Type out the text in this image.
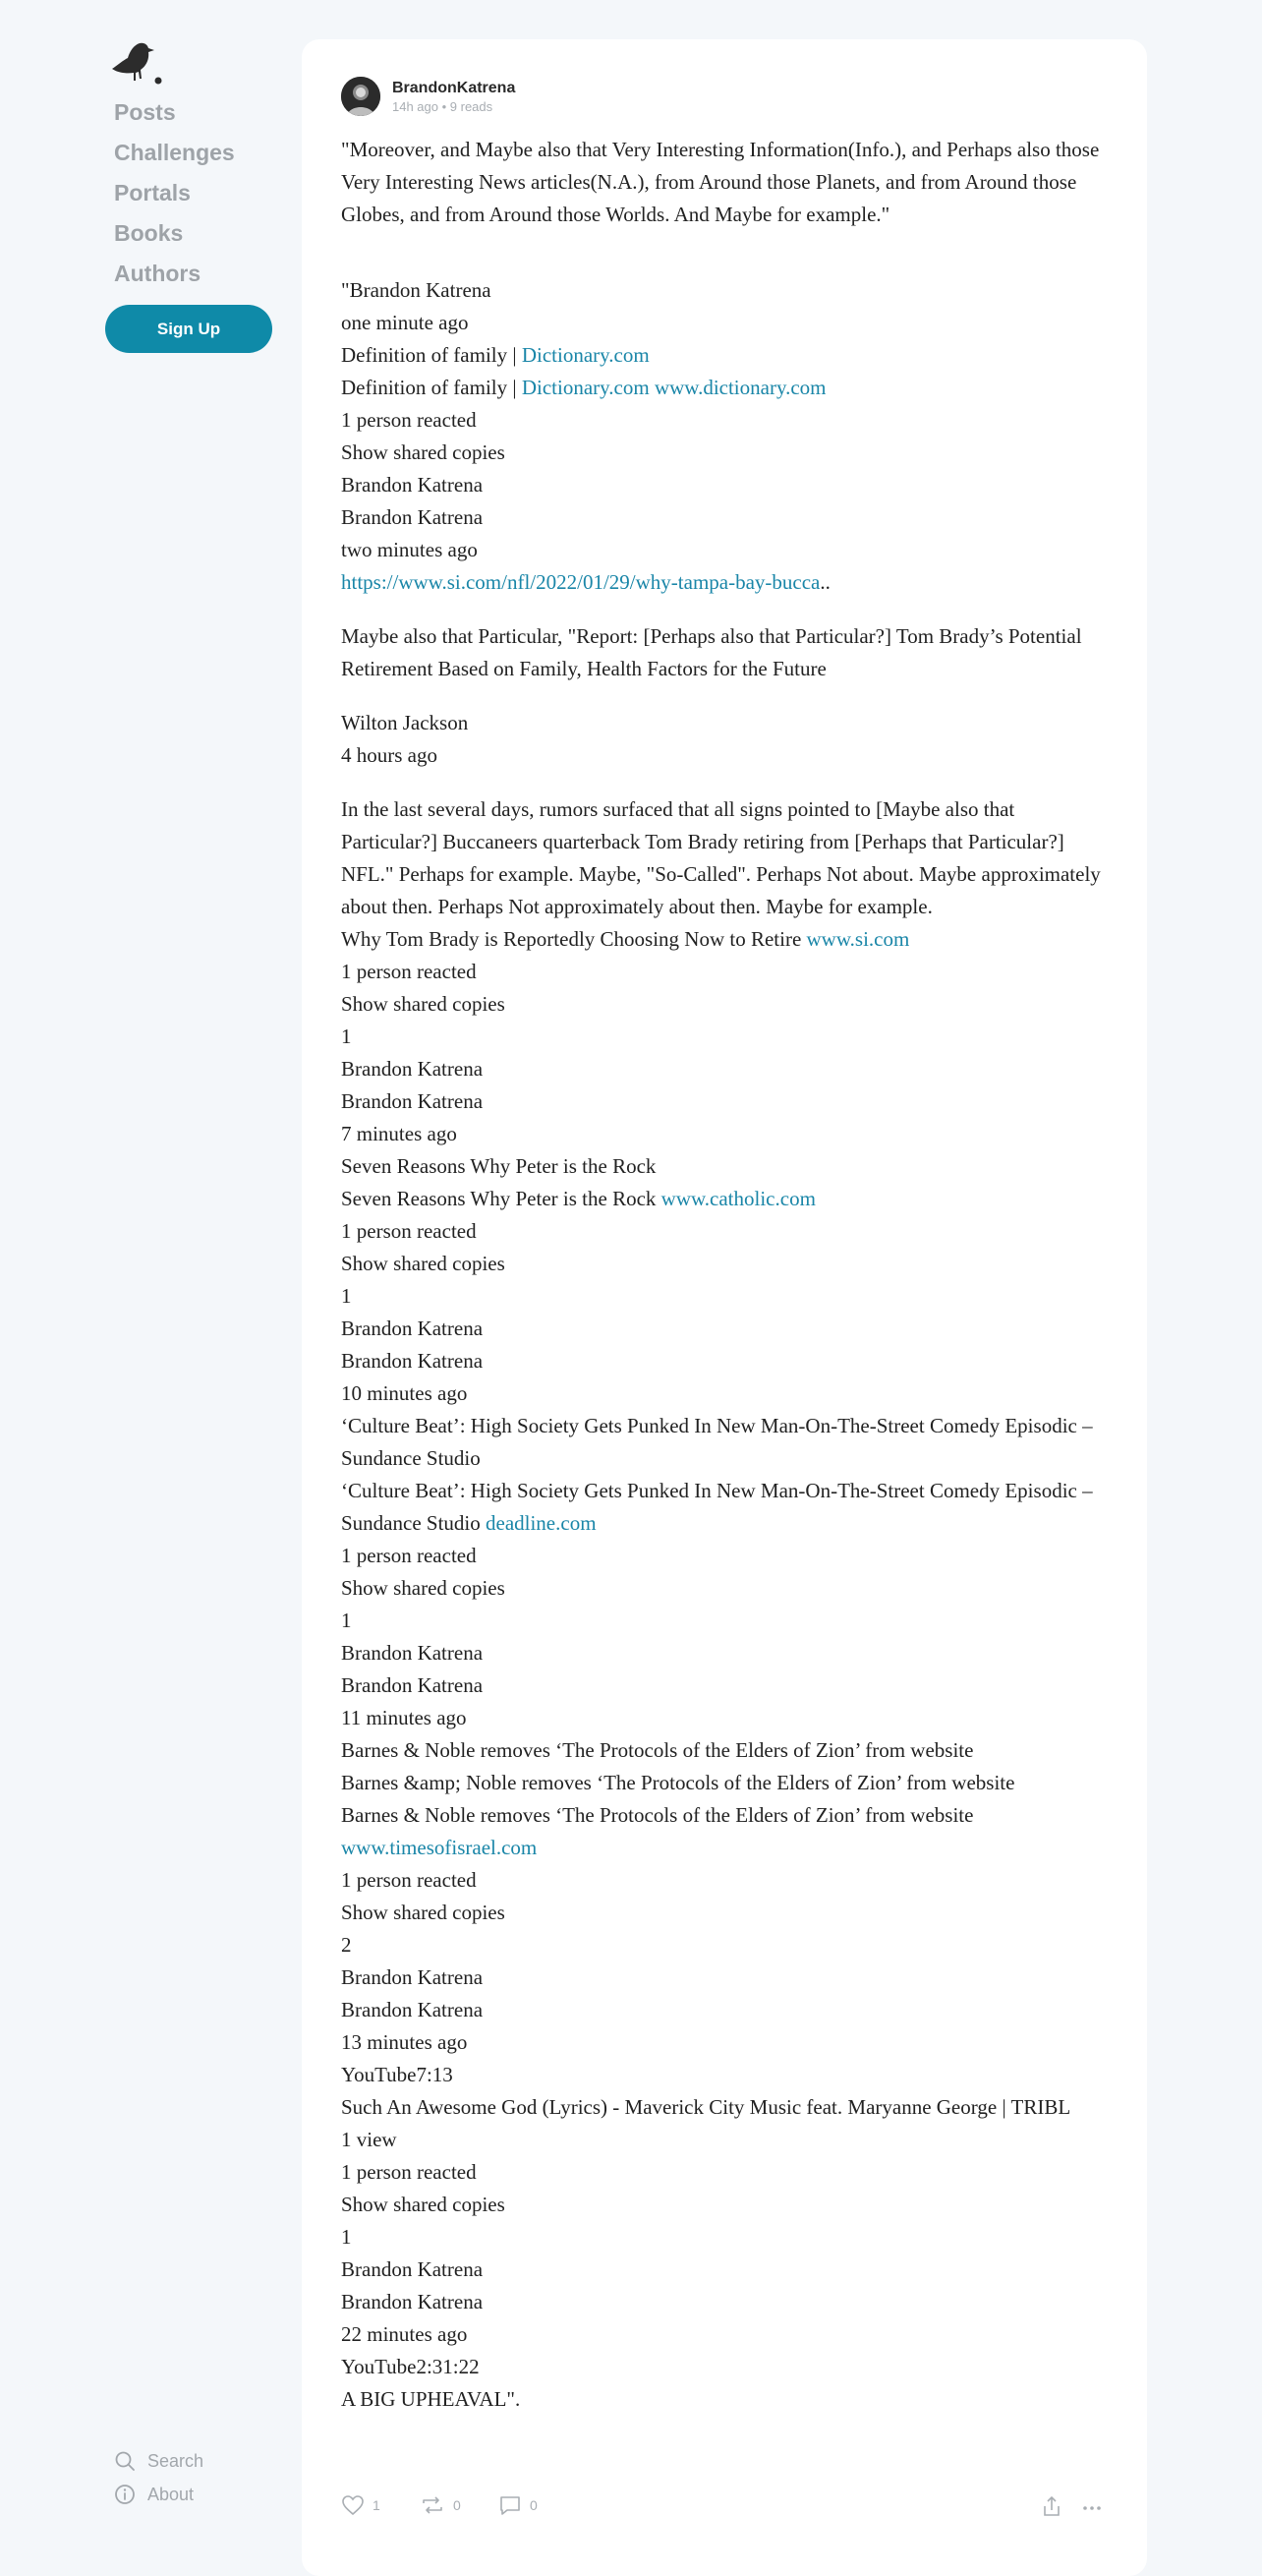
Posts
Challenges
Portals
Books
Authors
Sign Up
Search
About
BrandonKatrena
14h ago • 9 reads
"Moreover, and Maybe also that Very Interesting Information(Info.), and Perhaps also those Very Interesting News articles(N.A.), from Around those Planets, and from Around those Globes, and from Around those Worlds. And Maybe for example."
"Brandon Katrena
one minute ago
Definition of family | Dictionary.com
Definition of family | Dictionary.com www.dictionary.com
1 person reacted
Show shared copies
Brandon Katrena
Brandon Katrena
two minutes ago
https://www.si.com/nfl/2022/01/29/why-tampa-bay-bucca..
Maybe also that Particular, "Report: [Perhaps also that Particular?] Tom Brady’s Potential Retirement Based on Family, Health Factors for the Future
Wilton Jackson
4 hours ago
In the last several days, rumors surfaced that all signs pointed to [Maybe also that Particular?] Buccaneers quarterback Tom Brady retiring from [Perhaps that Particular?] NFL." Perhaps for example. Maybe, "So-Called". Perhaps Not about. Maybe approximately about then. Perhaps Not approximately about then. Maybe for example.
Why Tom Brady is Reportedly Choosing Now to Retire www.si.com
1 person reacted
Show shared copies
1
Brandon Katrena
Brandon Katrena
7 minutes ago
Seven Reasons Why Peter is the Rock
Seven Reasons Why Peter is the Rock www.catholic.com
1 person reacted
Show shared copies
1
Brandon Katrena
Brandon Katrena
10 minutes ago
‘Culture Beat’: High Society Gets Punked In New Man-On-The-Street Comedy Episodic – Sundance Studio
‘Culture Beat’: High Society Gets Punked In New Man-On-The-Street Comedy Episodic – Sundance Studio deadline.com
1 person reacted
Show shared copies
1
Brandon Katrena
Brandon Katrena
11 minutes ago
Barnes & Noble removes ‘The Protocols of the Elders of Zion’ from website
Barnes &amp; Noble removes ‘The Protocols of the Elders of Zion’ from website
Barnes & Noble removes ‘The Protocols of the Elders of Zion’ from website www.timesofisrael.com
1 person reacted
Show shared copies
2
Brandon Katrena
Brandon Katrena
13 minutes ago
YouTube7:13
Such An Awesome God (Lyrics) - Maverick City Music feat. Maryanne George | TRIBL
1 view
1 person reacted
Show shared copies
1
Brandon Katrena
Brandon Katrena
22 minutes ago
YouTube2:31:22
A BIG UPHEAVAL".
1	0	0
